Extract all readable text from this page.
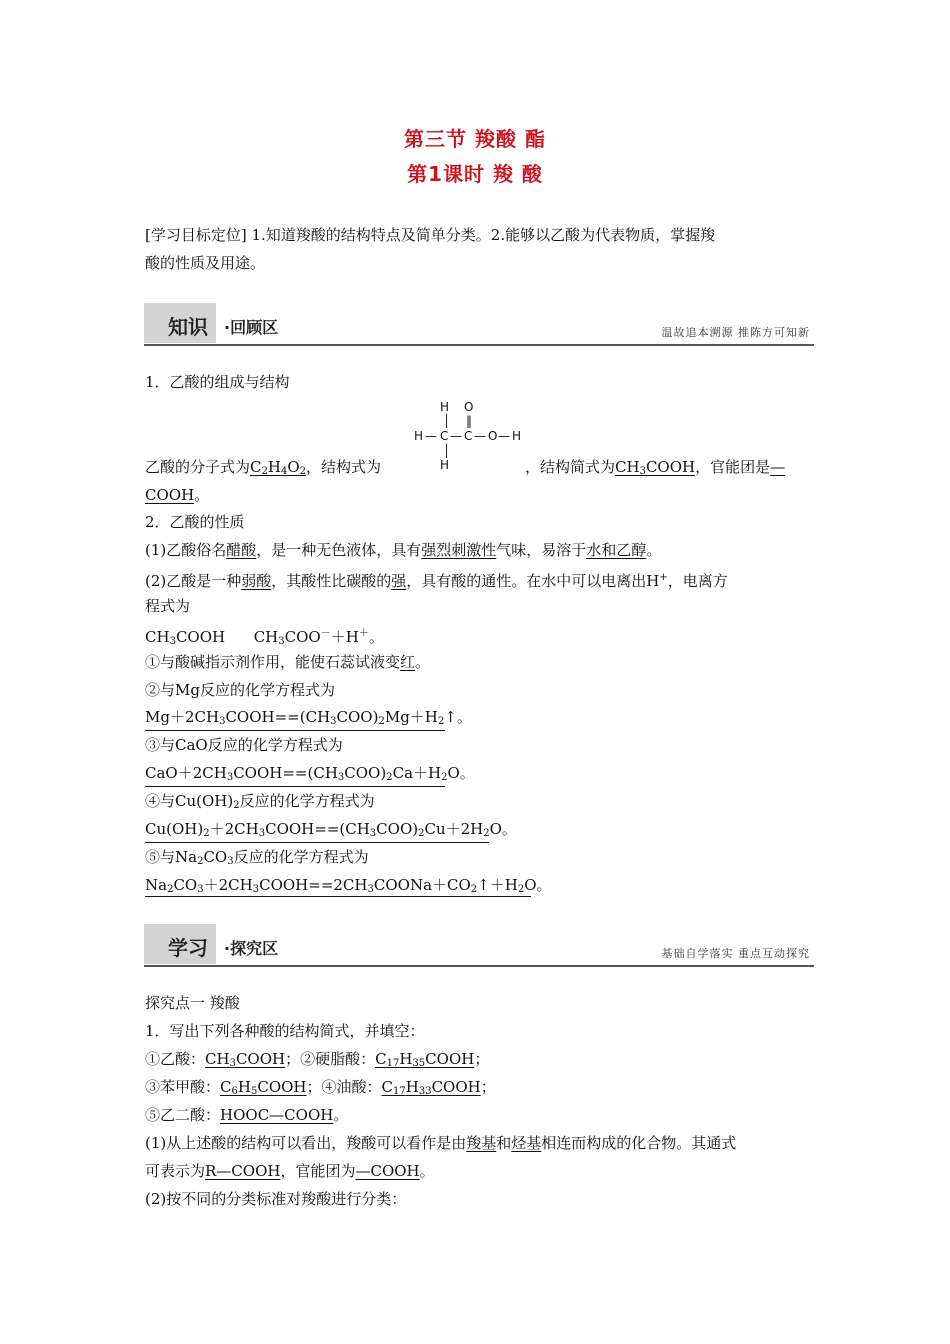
第三节 羧酸 酯
第1课时 羧 酸
[学习目标定位] 1.知道羧酸的结构特点及简单分类。2.能够以乙酸为代表物质，掌握羧
酸的性质及用途。
知识 ·回顾区	温故追本溯源 推陈方可知新
1．乙酸的组成与结构
H O
│ ‖
H — C — C — O — H
│
H
乙酸的分子式为$C_2H_4O_2$，结构式为	，结构简式为$CH_3COOH$，官能团是—
COOH。
2．乙酸的性质
(1)乙酸俗名醋酸，是一种无色液体，具有强烈刺激性气味，易溶于水和乙醇。
(2)乙酸是一种弱酸，其酸性比碳酸的强，具有酸的通性。在水中可以电离出H+，电离方
程式为
$CH_3COOH$      $CH_3COO^-+H^+$。
①与酸碱指示剂作用，能使石蕊试液变红。
②与Mg反应的化学方程式为
$Mg+2CH_3COOH==(CH_3COO)_2Mg+H_2↑$。
③与CaO反应的化学方程式为
$CaO+2CH_3COOH==(CH_3COO)_2Ca+H_2O$。
④与$Cu(OH)_2$反应的化学方程式为
$Cu(OH)_2+2CH_3COOH==(CH_3COO)_2Cu+2H_2O$。
⑤与$Na_2CO_3$反应的化学方程式为
$Na_2CO_3+2CH_3COOH==2CH_3COONa+CO_2↑+H_2O$。
学习 ·探究区	基础自学落实 重点互动探究
探究点一 羧酸
1．写出下列各种酸的结构简式，并填空：
①乙酸：$CH_3COOH$；②硬脂酸：$C_{17}H_{35}COOH$；
③苯甲酸：$C_6H_5COOH$；④油酸：$C_{17}H_{33}COOH$；
⑤乙二酸：HOOC—COOH。
(1)从上述酸的结构可以看出，羧酸可以看作是由羧基和烃基相连而构成的化合物。其通式
可表示为R—COOH，官能团为—COOH。
(2)按不同的分类标准对羧酸进行分类：
